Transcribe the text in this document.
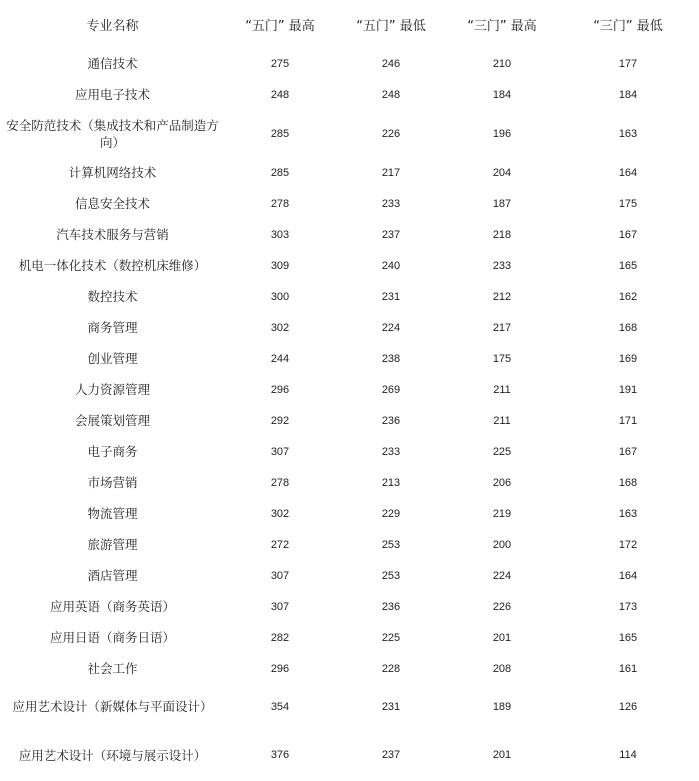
专业名称	“五门” 最高	“五门” 最低	“三门” 最高	“三门” 最低
通信技术	275	246	210	177
应用电子技术	248	248	184	184
安全防范技术（集成技术和产品制造方向）	285	226	196	163
计算机网络技术	285	217	204	164
信息安全技术	278	233	187	175
汽车技术服务与营销	303	237	218	167
机电一体化技术（数控机床维修）	309	240	233	165
数控技术	300	231	212	162
商务管理	302	224	217	168
创业管理	244	238	175	169
人力资源管理	296	269	211	191
会展策划管理	292	236	211	171
电子商务	307	233	225	167
市场营销	278	213	206	168
物流管理	302	229	219	163
旅游管理	272	253	200	172
酒店管理	307	253	224	164
应用英语（商务英语）	307	236	226	173
应用日语（商务日语）	282	225	201	165
社会工作	296	228	208	161
应用艺术设计（新媒体与平面设计）	354	231	189	126
应用艺术设计（环境与展示设计）	376	237	201	114
